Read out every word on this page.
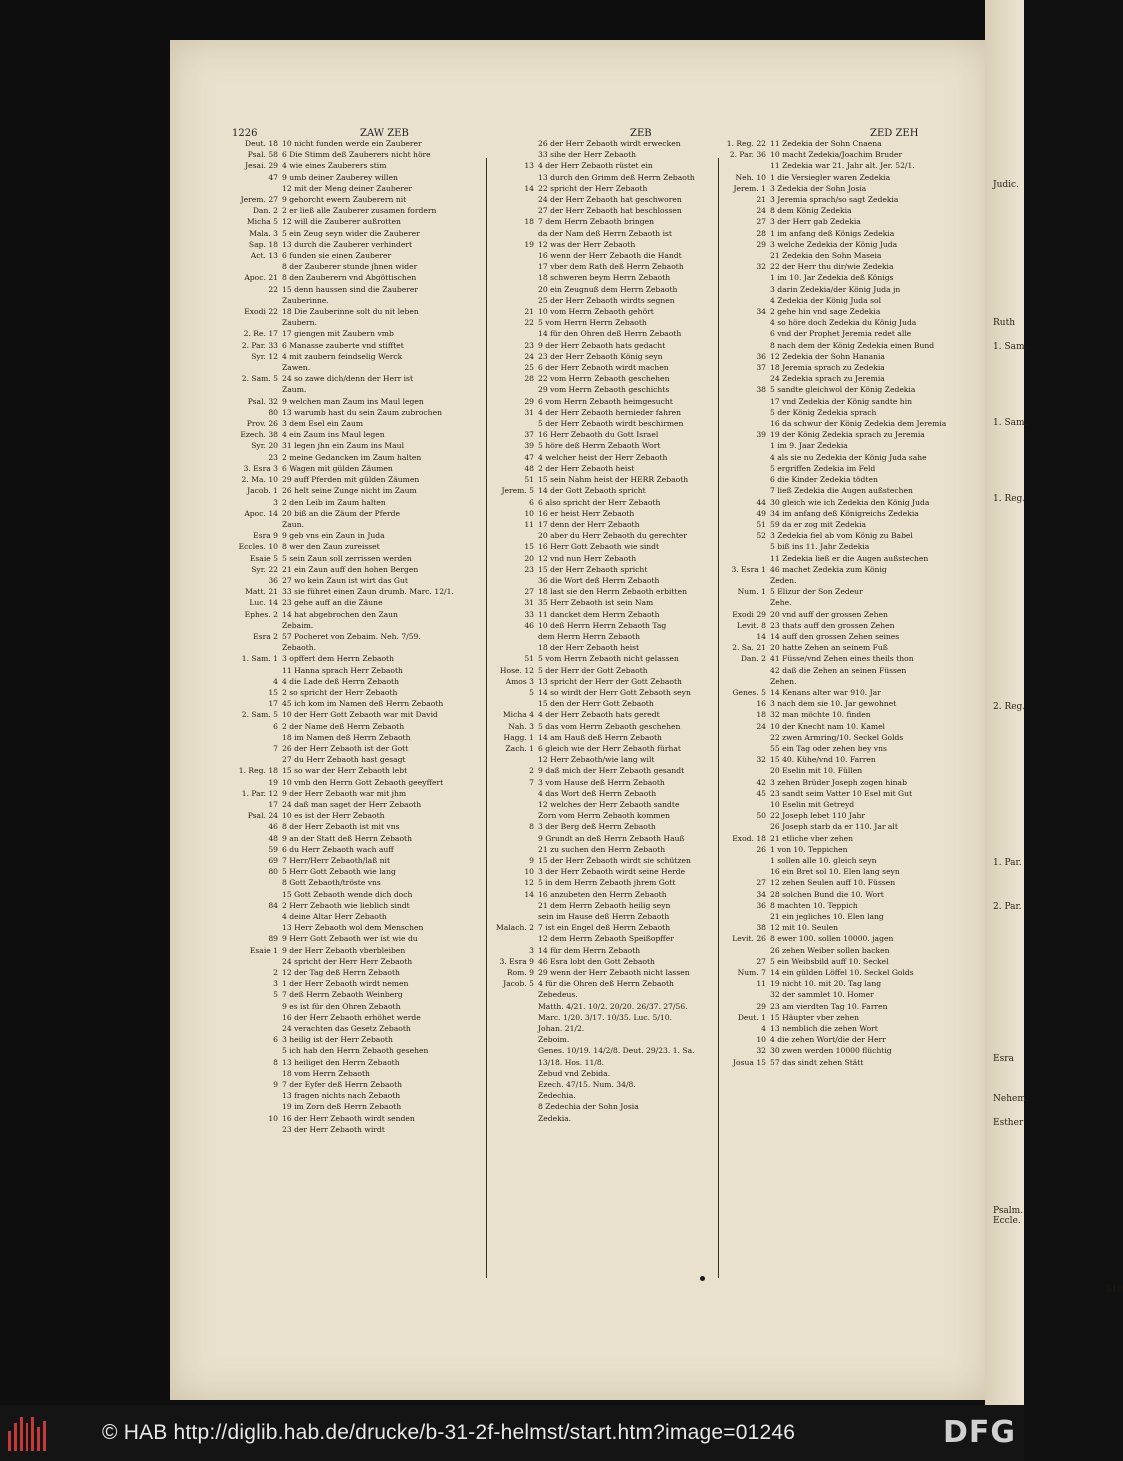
1226	ZAW ZEB	ZEB	ZED ZEH
Deut. 18 10 nicht funden werde ein Zauberer
Psal. 58 6 Die Stimm deß Zauberers nicht höre
Jesai. 29 4 wie eines Zauberers stim
47 9 umb deiner Zauberey willen
12 mit der Meng deiner Zauberer
Jerem. 27 9 gehorcht ewern Zauberern nit
Dan. 2 2 er ließ alle Zauberer zusamen fordern
Micha 5 12 will die Zauberer außrotten
Mala. 3 5 ein Zeug seyn wider die Zauberer
Sap. 18 13 durch die Zauberer verhindert
Act. 13 6 funden sie einen Zauberer
8 der Zauberer stunde jhnen wider
Apoc. 21 8 den Zauberern vnd Abgöttischen
22 15 denn haussen sind die Zauberer
Zauberinne.
Exodi 22 18 Die Zauberinne solt du nit leben
Zaubern.
2. Re. 17 17 giengen mit Zaubern vmb
2. Par. 33 6 Manasse zauberte vnd stifftet
Syr. 12 4 mit zaubern feindselig Werck
Zawen.
2. Sam. 5 24 so zawe dich/denn der Herr ist
Zaum.
Psal. 32 9 welchen man Zaum ins Maul legen
80 13 warumb hast du sein Zaum zubrochen
Prov. 26 3 dem Esel ein Zaum
Ezech. 38 4 ein Zaum ins Maul legen
Syr. 20 31 legen jhn ein Zaum ins Maul
23 2 meine Gedancken im Zaum halten
3. Esra 3 6 Wagen mit gülden Zäumen
2. Ma. 10 29 auff Pferden mit gülden Zäumen
Jacob. 1 26 helt seine Zunge nicht im Zaum
3 2 den Leib im Zaum halten
Apoc. 14 20 biß an die Zäum der Pferde
Zaun.
Esra 9 9 geb vns ein Zaun in Juda
Eccles. 10 8 wer den Zaun zureisset
Esaie 5 5 sein Zaun soll zerrissen werden
Syr. 22 21 ein Zaun auff den hohen Bergen
36 27 wo kein Zaun ist wirt das Gut
Matt. 21 33 sie führet einen Zaun drumb. Marc. 12/1.
Luc. 14 23 gehe auff an die Zäune
Ephes. 2 14 hat abgebrochen den Zaun
Zebaim.
Esra 2 57 Pocheret von Zebaim. Neh. 7/59.
Zebaoth.
1. Sam. 1 3 opffert dem Herrn Zebaoth
11 Hanna sprach Herr Zebaoth
4 4 die Lade deß Herrn Zebaoth
15 2 so spricht der Herr Zebaoth
17 45 ich kom im Namen deß Herrn Zebaoth
2. Sam. 5 10 der Herr Gott Zebaoth war mit David
6 2 der Name deß Herrn Zebaoth
18 im Namen deß Herrn Zebaoth
7 26 der Herr Zebaoth ist der Gott
27 du Herr Zebaoth hast gesagt
1. Reg. 18 15 so war der Herr Zebaoth lebt
19 10 vmb den Herrn Gott Zebaoth geeyffert
1. Par. 12 9 der Herr Zebaoth war mit jhm
17 24 daß man saget der Herr Zebaoth
Psal. 24 10 es ist der Herr Zebaoth
46 8 der Herr Zebaoth ist mit vns
48 9 an der Statt deß Herrn Zebaoth
59 6 du Herr Zebaoth wach auff
69 7 Herr/Herr Zebaoth/laß nit
80 5 Herr Gott Zebaoth wie lang
8 Gott Zebaoth/tröste vns
15 Gott Zebaoth wende dich doch
84 2 Herr Zebaoth wie lieblich sindt
4 deine Altar Herr Zebaoth
13 Herr Zebaoth wol dem Menschen
89 9 Herr Gott Zebaoth wer ist wie du
Esaie 1 9 der Herr Zebaoth vberbleiben
24 spricht der Herr Herr Zebaoth
2 12 der Tag deß Herrn Zebaoth
3 1 der Herr Zebaoth wirdt nemen
5 7 deß Herrn Zebaoth Weinberg
9 es ist für den Ohren Zebaoth
16 der Herr Zebaoth erhöhet werde
24 verachten das Gesetz Zebaoth
6 3 heilig ist der Herr Zebaoth
5 ich hab den Herrn Zebaoth gesehen
8 13 heiliget den Herrn Zebaoth
18 vom Herrn Zebaoth
9 7 der Eyfer deß Herrn Zebaoth
13 fragen nichts nach Zebaoth
19 im Zorn deß Herrn Zebaoth
10 16 der Herr Zebaoth wirdt senden
23 der Herr Zebaoth wirdt
26 der Herr Zebaoth wirdt erwecken
33 sihe der Herr Zebaoth
13 4 der Herr Zebaoth rüstet ein
13 durch den Grimm deß Herrn Zebaoth
14 22 spricht der Herr Zebaoth
24 der Herr Zebaoth hat geschworen
27 der Herr Zebaoth hat beschlossen
18 7 dem Herrn Zebaoth bringen
da der Nam deß Herrn Zebaoth ist
19 12 was der Herr Zebaoth
16 wenn der Herr Zebaoth die Handt
17 vber dem Rath deß Herrn Zebaoth
18 schweren beym Herrn Zebaoth
20 ein Zeugnuß dem Herrn Zebaoth
25 der Herr Zebaoth wirdts segnen
21 10 vom Herrn Zebaoth gehört
22 5 vom Herrn Herrn Zebaoth
14 für den Ohren deß Herrn Zebaoth
23 9 der Herr Zebaoth hats gedacht
24 23 der Herr Zebaoth König seyn
25 6 der Herr Zebaoth wirdt machen
28 22 vom Herrn Zebaoth geschehen
29 vom Herrn Zebaoth geschichts
29 6 vom Herrn Zebaoth heimgesucht
31 4 der Herr Zebaoth hernieder fahren
5 der Herr Zebaoth wirdt beschirmen
37 16 Herr Zebaoth du Gott Israel
39 5 höre deß Herrn Zebaoth Wort
47 4 welcher heist der Herr Zebaoth
48 2 der Herr Zebaoth heist
51 15 sein Nahm heist der HERR Zebaoth
Jerem. 5 14 der Gott Zebaoth spricht
6 6 also spricht der Herr Zebaoth
10 16 er heist Herr Zebaoth
11 17 denn der Herr Zebaoth
20 aber du Herr Zebaoth du gerechter
15 16 Herr Gott Zebaoth wie sindt
20 12 vnd nun Herr Zebaoth
23 15 der Herr Zebaoth spricht
36 die Wort deß Herrn Zebaoth
27 18 last sie den Herrn Zebaoth erbitten
31 35 Herr Zebaoth ist sein Nam
33 11 dancket dem Herrn Zebaoth
46 10 deß Herrn Herrn Zebaoth Tag
dem Herrn Herrn Zebaoth
18 der Herr Zebaoth heist
51 5 vom Herrn Zebaoth nicht gelassen
Hose. 12 5 der Herr der Gott Zebaoth
Amos 3 13 spricht der Herr der Gott Zebaoth
5 14 so wirdt der Herr Gott Zebaoth seyn
15 den der Herr Gott Zebaoth
Micha 4 4 der Herr Zebaoth hats geredt
Nah. 3 5 das vom Herrn Zebaoth geschehen
Hagg. 1 14 am Hauß deß Herrn Zebaoth
Zach. 1 6 gleich wie der Herr Zebaoth fürhat
12 Herr Zebaoth/wie lang wilt
2 9 daß mich der Herr Zebaoth gesandt
7 3 vom Hause deß Herrn Zebaoth
4 das Wort deß Herrn Zebaoth
12 welches der Herr Zebaoth sandte
Zorn vom Herrn Zebaoth kommen
8 3 der Berg deß Herrn Zebaoth
9 Grundt an deß Herrn Zebaoth Hauß
21 zu suchen den Herrn Zebaoth
9 15 der Herr Zebaoth wirdt sie schützen
10 3 der Herr Zebaoth wirdt seine Herde
12 5 in dem Herrn Zebaoth jhrem Gott
14 16 anzubeten den Herrn Zebaoth
21 dem Herrn Zebaoth heilig seyn
sein im Hause deß Herrn Zebaoth
Malach. 2 7 ist ein Engel deß Herrn Zebaoth
12 dem Herrn Zebaoth Speißopffer
3 14 für dem Herrn Zebaoth
3. Esra 9 46 Esra lobt den Gott Zebaoth
Rom. 9 29 wenn der Herr Zebaoth nicht lassen
Jacob. 5 4 für die Ohren deß Herrn Zebaoth
Zebedeus.
Matth. 4/21. 10/2. 20/20. 26/37. 27/56.
Marc. 1/20. 3/17. 10/35. Luc. 5/10.
Johan. 21/2.
Zeboim.
Genes. 10/19. 14/2/8. Deut. 29/23. 1. Sa.
13/18. Hos. 11/8.
Zebud vnd Zebida.
Ezech. 47/15. Num. 34/8.
Zedechia.
8 Zedechia der Sohn Josia
Zedekia.
1. Reg. 22 11 Zedekia der Sohn Cnaena
2. Par. 36 10 macht Zedekia/Joachim Bruder
11 Zedekia war 21. Jahr alt. Jer. 52/1.
Neh. 10 1 die Versiegler waren Zedekia
Jerem. 1 3 Zedekia der Sohn Josia
21 3 Jeremia sprach/so sagt Zedekia
24 8 dem König Zedekia
27 3 der Herr gab Zedekia
28 1 im anfang deß Königs Zedekia
29 3 welche Zedekia der König Juda
21 Zedekia den Sohn Maseia
32 22 der Herr thu dir/wie Zedekia
1 im 10. Jar Zedekia deß Königs
3 darin Zedekia/der König Juda jn
4 Zedekia der König Juda sol
34 2 gehe hin vnd sage Zedekia
4 so höre doch Zedekia du König Juda
6 vnd der Prophet Jeremia redet alle
8 nach dem der König Zedekia einen Bund
36 12 Zedekia der Sohn Hanania
37 18 Jeremia sprach zu Zedekia
24 Zedekia sprach zu Jeremia
38 5 sandte gleichwol der König Zedekia
17 vnd Zedekia der König sandte hin
5 der König Zedekia sprach
16 da schwur der König Zedekia dem Jeremia
39 19 der König Zedekia sprach zu Jeremia
1 im 9. Jaar Zedekia
4 als sie nu Zedekia der König Juda sahe
5 ergriffen Zedekia im Feld
6 die Kinder Zedekia tödten
7 ließ Zedekia die Augen außstechen
44 30 gleich wie ich Zedekia den König Juda
49 34 im anfang deß Königreichs Zedekia
51 59 da er zog mit Zedekia
52 3 Zedekia fiel ab vom König zu Babel
5 biß ins 11. Jahr Zedekia
11 Zedekia ließ er die Augen außstechen
3. Esra 1 46 machet Zedekia zum König
Zeden.
Num. 1 5 Elizur der Son Zedeur
Zehe.
Exodi 29 20 vnd auff der grossen Zehen
Levit. 8 23 thats auff den grossen Zehen
14 14 auff den grossen Zehen seines
2. Sa. 21 20 hatte Zehen an seinem Fuß
Dan. 2 41 Füsse/vnd Zehen eines theils thon
42 daß die Zehen an seinen Füssen
Zehen.
Genes. 5 14 Kenans alter war 910. Jar
16 3 nach dem sie 10. Jar gewohnet
18 32 man möchte 10. finden
24 10 der Knecht nam 10. Kamel
22 zwen Armring/10. Seckel Golds
55 ein Tag oder zehen bey vns
32 15 40. Kühe/vnd 10. Farren
20 Eselin mit 10. Füllen
42 3 zehen Brüder Joseph zogen hinab
45 23 sandt seim Vatter 10 Esel mit Gut
10 Eselin mit Getreyd
50 22 Joseph lebet 110 Jahr
26 Joseph starb da er 110. Jar alt
Exod. 18 21 etliche vber zehen
26 1 von 10. Teppichen
1 sollen alle 10. gleich seyn
16 ein Bret sol 10. Elen lang seyn
27 12 zehen Seulen auff 10. Füssen
34 28 solchen Bund die 10. Wort
36 8 machten 10. Teppich
21 ein jegliches 10. Elen lang
38 12 mit 10. Seulen
Levit. 26 8 ewer 100. sollen 10000. jagen
26 zehen Weiber sollen backen
27 5 ein Weibsbild auff 10. Seckel
Num. 7 14 ein gülden Löffel 10. Seckel Golds
11 19 nicht 10. mit 20. Tag lang
32 der sammlet 10. Homer
29 23 am vierdten Tag 10. Farren
Deut. 1 15 Häupter vber zehen
4 13 nemblich die zehen Wort
10 4 die zehen Wort/die der Herr
32 30 zwen werden 10000 flüchtig
Josua 15 57 das sindt zehen Stätt
510
Judic.
Ruth
1. Sam.
1. Sam.
1. Reg.
2. Reg.
1. Par.
2. Par.
Esra
Nehem.
Esther
Psalm.
Eccle.
© HAB http://diglib.hab.de/drucke/b-31-2f-helmst/start.htm?image=01246	DFG
